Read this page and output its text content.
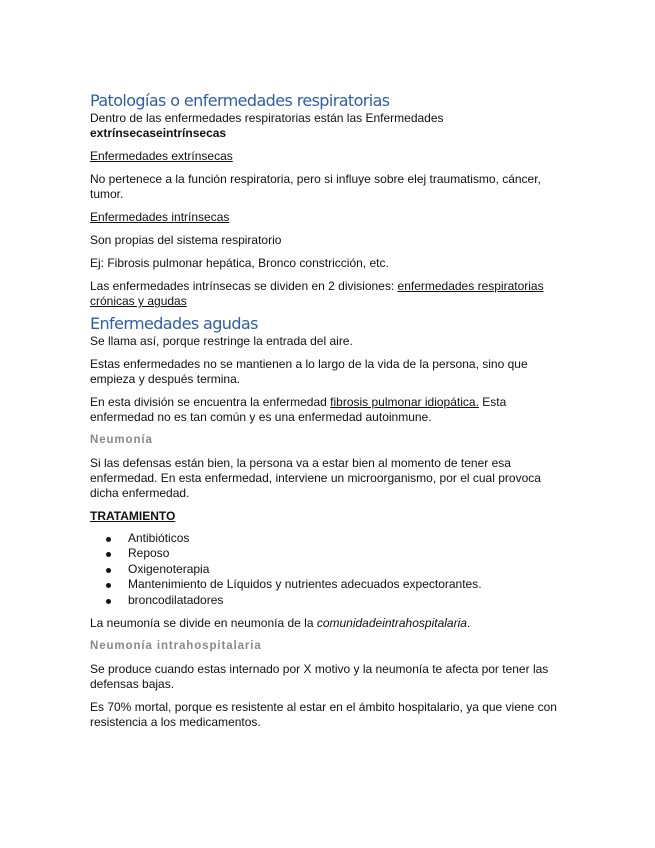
Patologías o enfermedades respiratorias

Dentro de las enfermedades respiratorias están las Enfermedades
extrínsecaseintrínsecas

Enfermedades extrínsecas

No pertenece a la función respiratoria, pero si influye sobre elej traumatismo, cáncer, tumor.

Enfermedades intrínsecas

Son propias del sistema respiratorio

Ej: Fibrosis pulmonar hepática, Bronco constricción, etc.

Las enfermedades intrínsecas se dividen en 2 divisiones: enfermedades respiratorias crónicas y agudas

Enfermedades agudas

Se llama así, porque restringe la entrada del aire.

Estas enfermedades no se mantienen a lo largo de la vida de la persona, sino que empieza y después termina.

En esta división se encuentra la enfermedad fibrosis pulmonar idiopática. Esta enfermedad no es tan común y es una enfermedad autoinmune.

Neumonía

Si las defensas están bien, la persona va a estar bien al momento de tener esa enfermedad. En esta enfermedad, interviene un microorganismo, por el cual provoca dicha enfermedad.

TRATAMIENTO

Antibióticos
Reposo
Oxigenoterapia
Mantenimiento de Líquidos y nutrientes adecuados expectorantes.
broncodilatadores

La neumonía se divide en neumonía de la comunidadeintrahospitalaria.

Neumonía intrahospitalaria

Se produce cuando estas internado por X motivo y la neumonía te afecta por tener las defensas bajas.

Es 70% mortal, porque es resistente al estar en el ámbito hospitalario, ya que viene con resistencia a los medicamentos.
